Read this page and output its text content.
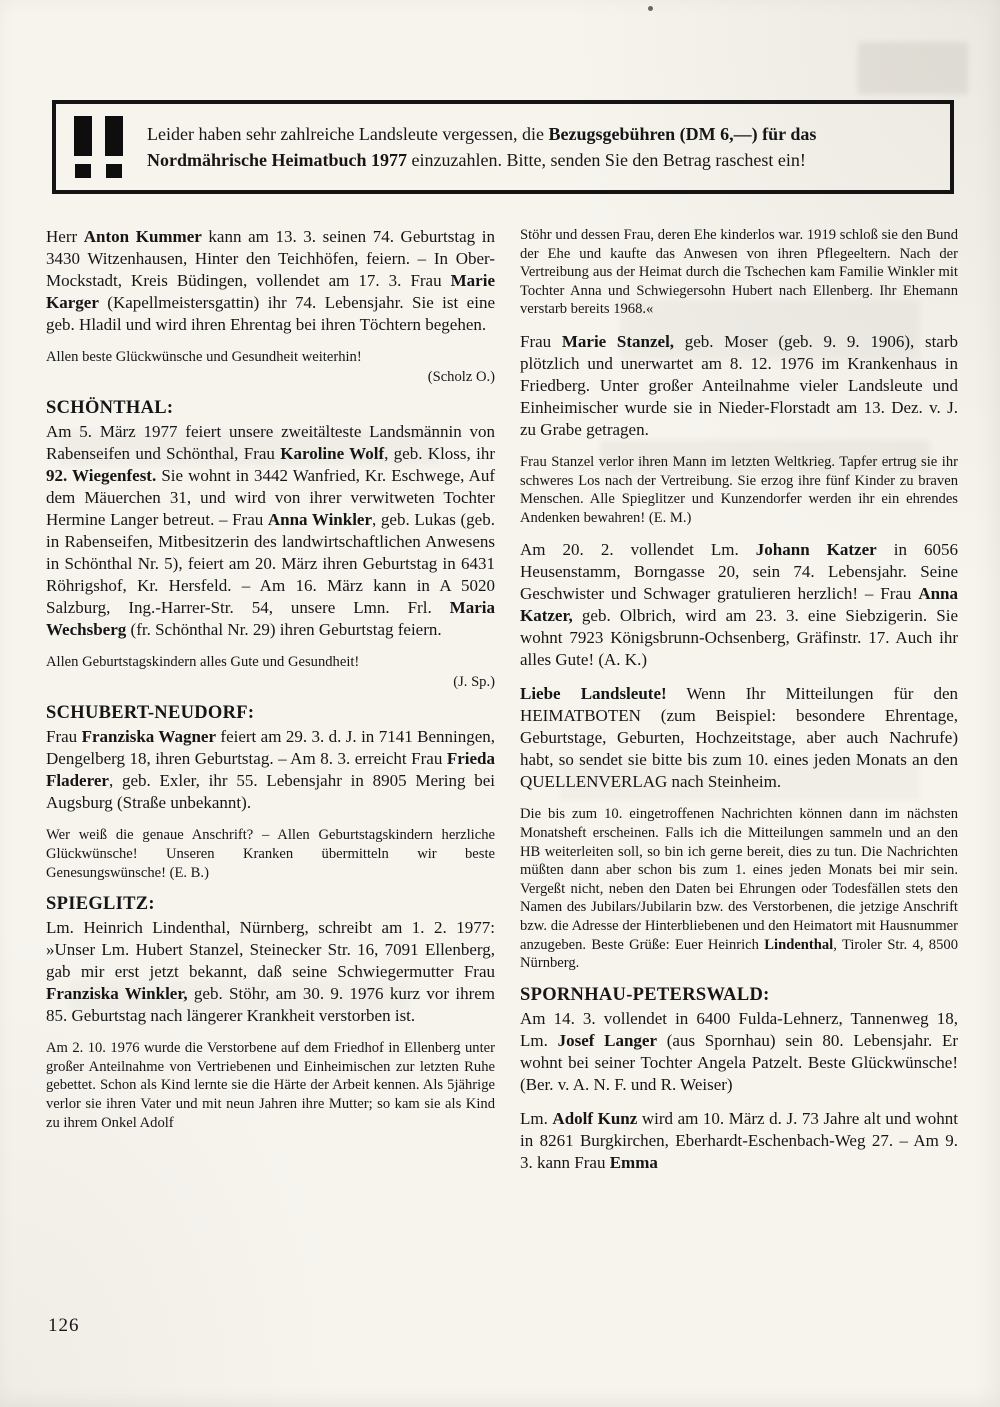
Leider haben sehr zahlreiche Landsleute vergessen, die Bezugsgebühren (DM 6,—) für das Nordmährische Heimatbuch 1977 einzuzahlen. Bitte, senden Sie den Betrag raschest ein!

Herr Anton Kummer kann am 13. 3. seinen 74. Geburtstag in 3430 Witzenhausen, Hinter den Teichhöfen, feiern. – In Ober-Mockstadt, Kreis Büdingen, vollendet am 17. 3. Frau Marie Karger (Kapellmeistersgattin) ihr 74. Lebensjahr. Sie ist eine geb. Hladil und wird ihren Ehrentag bei ihren Töchtern begehen.

Allen beste Glückwünsche und Gesundheit weiterhin!

(Scholz O.)

SCHÖNTHAL:

Am 5. März 1977 feiert unsere zweitälteste Landsmännin von Rabenseifen und Schönthal, Frau Karoline Wolf, geb. Kloss, ihr 92. Wiegenfest. Sie wohnt in 3442 Wanfried, Kr. Eschwege, Auf dem Mäuerchen 31, und wird von ihrer verwitweten Tochter Hermine Langer betreut. – Frau Anna Winkler, geb. Lukas (geb. in Rabenseifen, Mitbesitzerin des landwirtschaftlichen Anwesens in Schönthal Nr. 5), feiert am 20. März ihren Geburtstag in 6431 Röhrigshof, Kr. Hersfeld. – Am 16. März kann in A 5020 Salzburg, Ing.-Harrer-Str. 54, unsere Lmn. Frl. Maria Wechsberg (fr. Schönthal Nr. 29) ihren Geburtstag feiern.

Allen Geburtstagskindern alles Gute und Gesundheit!

(J. Sp.)

SCHUBERT-NEUDORF:

Frau Franziska Wagner feiert am 29. 3. d. J. in 7141 Benningen, Dengelberg 18, ihren Geburtstag. – Am 8. 3. erreicht Frau Frieda Fladerer, geb. Exler, ihr 55. Lebensjahr in 8905 Mering bei Augsburg (Straße unbekannt).

Wer weiß die genaue Anschrift? – Allen Geburtstagskindern herzliche Glückwünsche! Unseren Kranken übermitteln wir beste Genesungswünsche! (E. B.)

SPIEGLITZ:

Lm. Heinrich Lindenthal, Nürnberg, schreibt am 1. 2. 1977: »Unser Lm. Hubert Stanzel, Steinecker Str. 16, 7091 Ellenberg, gab mir erst jetzt bekannt, daß seine Schwiegermutter Frau Franziska Winkler, geb. Stöhr, am 30. 9. 1976 kurz vor ihrem 85. Geburtstag nach längerer Krankheit verstorben ist.

Am 2. 10. 1976 wurde die Verstorbene auf dem Friedhof in Ellenberg unter großer Anteilnahme von Vertriebenen und Einheimischen zur letzten Ruhe gebettet. Schon als Kind lernte sie die Härte der Arbeit kennen. Als 5jährige verlor sie ihren Vater und mit neun Jahren ihre Mutter; so kam sie als Kind zu ihrem Onkel Adolf

Stöhr und dessen Frau, deren Ehe kinderlos war. 1919 schloß sie den Bund der Ehe und kaufte das Anwesen von ihren Pflegeeltern. Nach der Vertreibung aus der Heimat durch die Tschechen kam Familie Winkler mit Tochter Anna und Schwiegersohn Hubert nach Ellenberg. Ihr Ehemann verstarb bereits 1968.«

Frau Marie Stanzel, geb. Moser (geb. 9. 9. 1906), starb plötzlich und unerwartet am 8. 12. 1976 im Krankenhaus in Friedberg. Unter großer Anteilnahme vieler Landsleute und Einheimischer wurde sie in Nieder-Florstadt am 13. Dez. v. J. zu Grabe getragen.

Frau Stanzel verlor ihren Mann im letzten Weltkrieg. Tapfer ertrug sie ihr schweres Los nach der Vertreibung. Sie erzog ihre fünf Kinder zu braven Menschen. Alle Spieglitzer und Kunzendorfer werden ihr ein ehrendes Andenken bewahren! (E. M.)

Am 20. 2. vollendet Lm. Johann Katzer in 6056 Heusenstamm, Borngasse 20, sein 74. Lebensjahr. Seine Geschwister und Schwager gratulieren herzlich! – Frau Anna Katzer, geb. Olbrich, wird am 23. 3. eine Siebzigerin. Sie wohnt 7923 Königsbrunn-Ochsenberg, Gräfinstr. 17. Auch ihr alles Gute! (A. K.)

Liebe Landsleute! Wenn Ihr Mitteilungen für den HEIMATBOTEN (zum Beispiel: besondere Ehrentage, Geburtstage, Geburten, Hochzeitstage, aber auch Nachrufe) habt, so sendet sie bitte bis zum 10. eines jeden Monats an den QUELLENVERLAG nach Steinheim.

Die bis zum 10. eingetroffenen Nachrichten können dann im nächsten Monatsheft erscheinen. Falls ich die Mitteilungen sammeln und an den HB weiterleiten soll, so bin ich gerne bereit, dies zu tun. Die Nachrichten müßten dann aber schon bis zum 1. eines jeden Monats bei mir sein. Vergeßt nicht, neben den Daten bei Ehrungen oder Todesfällen stets den Namen des Jubilars/Jubilarin bzw. des Verstorbenen, die jetzige Anschrift bzw. die Adresse der Hinterbliebenen und den Heimatort mit Hausnummer anzugeben. Beste Grüße: Euer Heinrich Lindenthal, Tiroler Str. 4, 8500 Nürnberg.

SPORNHAU-PETERSWALD:

Am 14. 3. vollendet in 6400 Fulda-Lehnerz, Tannenweg 18, Lm. Josef Langer (aus Spornhau) sein 80. Lebensjahr. Er wohnt bei seiner Tochter Angela Patzelt. Beste Glückwünsche! (Ber. v. A. N. F. und R. Weiser)

Lm. Adolf Kunz wird am 10. März d. J. 73 Jahre alt und wohnt in 8261 Burgkirchen, Eberhardt-Eschenbach-Weg 27. – Am 9. 3. kann Frau Emma

126
